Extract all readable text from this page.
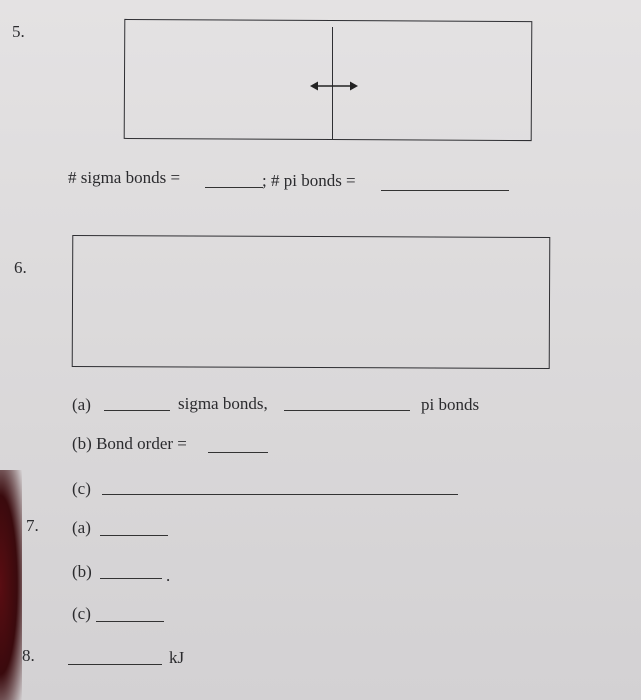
5.
# sigma bonds =	; # pi bonds =
6.
(a)	sigma bonds,	pi bonds
(b) Bond order =
(c)
7. (a)
(b)	.
(c)
8.	kJ
